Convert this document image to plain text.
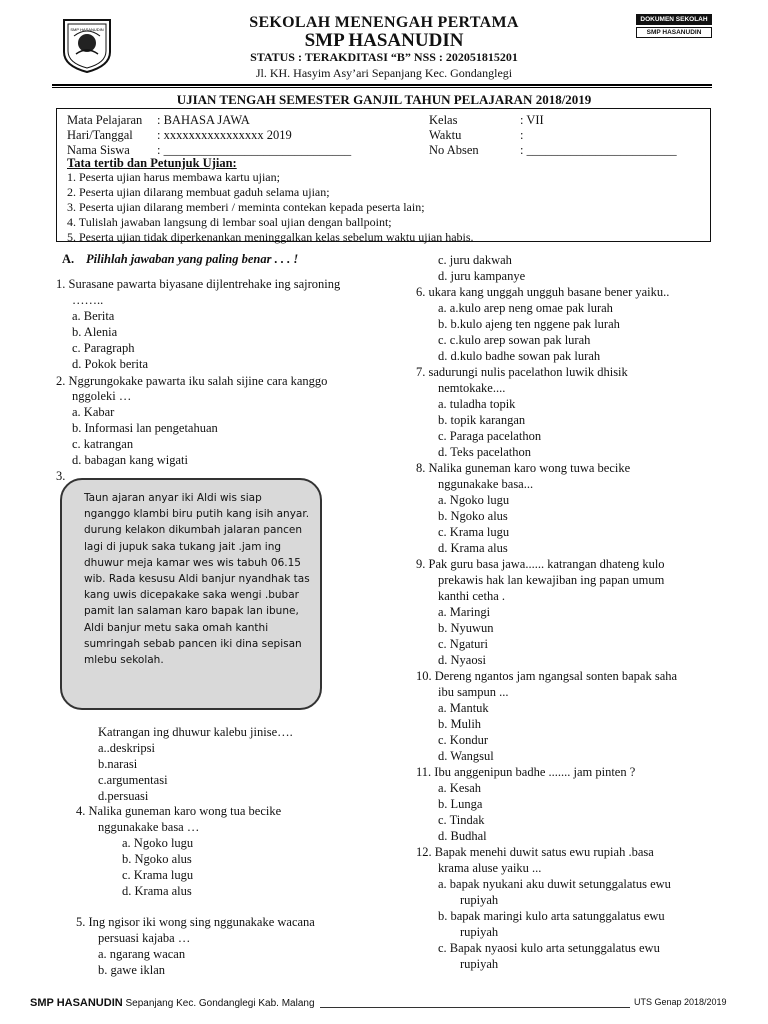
SMP HASANUDIN	SEKOLAH MENENGAH PERTAMA
SMP HASANUDIN
STATUS : TERAKDITASI “B” NSS : 202051815201
Jl. KH. Hasyim Asy’ari Sepanjang Kec. Gondanglegi
DOKUMEN SEKOLAH
SMP HASANUDIN
UJIAN TENGAH SEMESTER GANJIL TAHUN PELAJARAN 2018/2019
Mata Pelajaran : BAHASA JAWA
Hari/Tanggal : xxxxxxxxxxxxxxxx 2019
Nama Siswa : ______________________________
Kelas	: VII
Waktu	:
No Absen	: ________________________
Tata tertib dan Petunjuk Ujian:
1. Peserta ujian harus membawa kartu ujian;
2. Peserta ujian dilarang membuat gaduh selama ujian;
3. Peserta ujian dilarang memberi / meminta contekan kepada peserta lain;
4. Tulislah jawaban langsung di lembar soal ujian dengan ballpoint;
5. Peserta ujian tidak diperkenankan meninggalkan kelas sebelum waktu ujian habis.
A. Pilihlah jawaban yang paling benar . . . !
1. Surasane pawarta biyasane dijlentrehake ing sajroning
……..
a. Berita
b. Alenia
c. Paragraph
d. Pokok berita
2. Nggrungokake pawarta iku salah sijine cara kanggo
nggoleki …
a. Kabar
b. Informasi lan pengetahuan
c. katrangan
d. babagan kang wigati
3.
Taun ajaran anyar iki Aldi wis siap nganggo klambi biru putih kang isih anyar. durung kelakon dikumbah jalaran pancen lagi di jupuk saka tukang jait .jam ing dhuwur meja kamar wes wis tabuh 06.15 wib. Rada kesusu Aldi banjur nyandhak tas kang uwis dicepakake saka wengi .bubar pamit lan salaman karo bapak lan ibune, Aldi banjur metu saka omah kanthi sumringah sebab pancen iki dina sepisan mlebu sekolah.
Katrangan ing dhuwur kalebu jinise….
a..deskripsi
b.narasi
c.argumentasi
d.persuasi
4. Nalika guneman karo wong tua becike
nggunakake basa …
a. Ngoko lugu
b. Ngoko alus
c. Krama lugu
d. Krama alus
5. Ing ngisor iki wong sing nggunakake wacana
persuasi kajaba …
a. ngarang wacan
b. gawe iklan
c. juru dakwah
d. juru kampanye
6. ukara kang unggah ungguh basane bener yaiku..
a. a.kulo arep neng omae pak lurah
b. b.kulo ajeng ten nggene pak lurah
c. c.kulo arep sowan pak lurah
d. d.kulo badhe sowan pak lurah
7. sadurungi nulis pacelathon luwik dhisik
nemtokake....
a. tuladha topik
b. topik karangan
c. Paraga pacelathon
d. Teks pacelathon
8. Nalika guneman karo wong tuwa becike
nggunakake basa...
a. Ngoko lugu
b. Ngoko alus
c. Krama lugu
d. Krama alus
9. Pak guru basa jawa...... katrangan dhateng kulo
prekawis hak lan kewajiban ing papan umum
kanthi cetha .
a. Maringi
b. Nyuwun
c. Ngaturi
d. Nyaosi
10. Dereng ngantos jam ngangsal sonten bapak saha
ibu sampun ...
a. Mantuk
b. Mulih
c. Kondur
d. Wangsul
11. Ibu anggenipun badhe ....... jam pinten ?
a. Kesah
b. Lunga
c. Tindak
d. Budhal
12. Bapak menehi duwit satus ewu rupiah .basa
krama aluse yaiku ...
a. bapak nyukani aku duwit setunggalatus ewu
rupiyah
b. bapak maringi kulo arta satunggalatus ewu
rupiyah
c. Bapak nyaosi kulo arta setunggalatus ewu
rupiyah
SMP HASANUDIN Sepanjang Kec. Gondanglegi Kab. Malang	UTS Genap 2018/2019
